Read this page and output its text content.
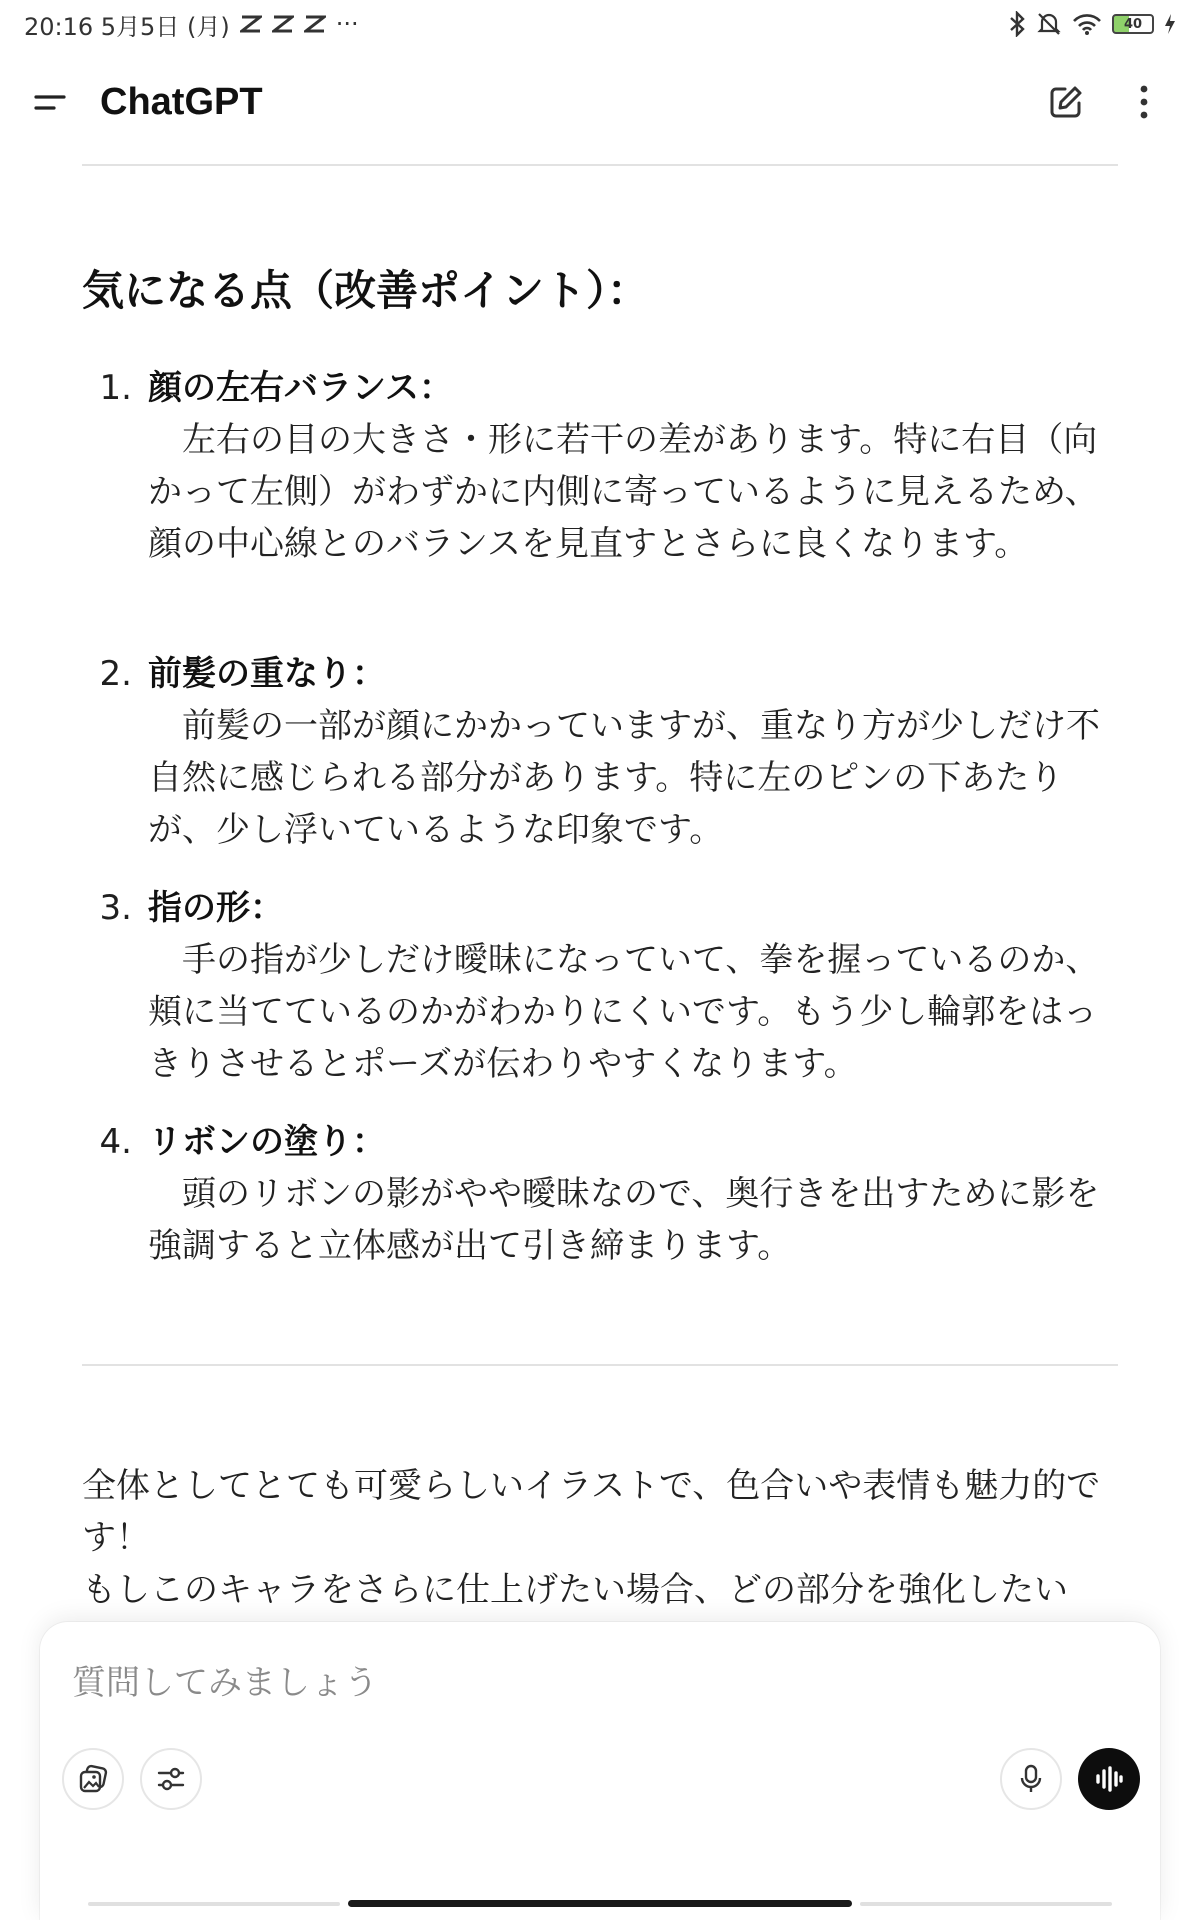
20:16 5月5日 (月)	···	40
ChatGPT
気になる点（改善ポイント）：
1. 顔の左右バランス：
左右の目の大きさ・形に若干の差があります。特に右目（向かって左側）がわずかに内側に寄っているように見えるため、顔の中心線とのバランスを見直すとさらに良くなります。
2. 前髪の重なり：
前髪の一部が顔にかかっていますが、重なり方が少しだけ不自然に感じられる部分があります。特に左のピンの下あたりが、少し浮いているような印象です。
3. 指の形：
手の指が少しだけ曖昧になっていて、拳を握っているのか、頬に当てているのかがわかりにくいです。もう少し輪郭をはっきりさせるとポーズが伝わりやすくなります。
4. リボンの塗り：
頭のリボンの影がやや曖昧なので、奥行きを出すために影を強調すると立体感が出て引き締まります。
全体としてとても可愛らしいイラストで、色合いや表情も魅力的です！
もしこのキャラをさらに仕上げたい場合、どの部分を強化したい
質問してみましょう
